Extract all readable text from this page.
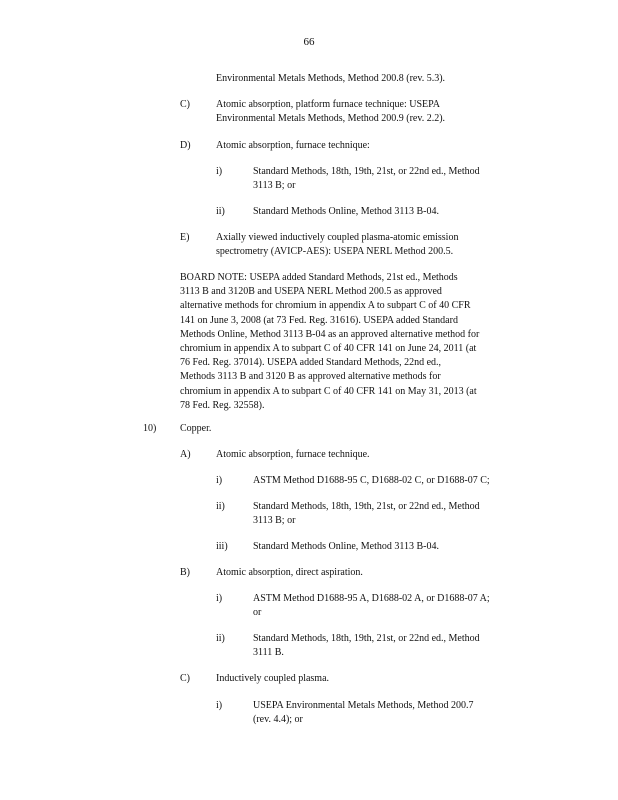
66
Environmental Metals Methods, Method 200.8 (rev. 5.3).
C)	Atomic absorption, platform furnace technique: USEPA
Environmental Metals Methods, Method 200.9 (rev. 2.2).
D)	Atomic absorption, furnace technique:
i)	Standard Methods, 18th, 19th, 21st, or 22nd ed., Method
3113 B; or
ii)	Standard Methods Online, Method 3113 B-04.
E)	Axially viewed inductively coupled plasma-atomic emission
spectrometry (AVICP-AES): USEPA NERL Method 200.5.
BOARD NOTE: USEPA added Standard Methods, 21st ed., Methods
3113 B and 3120B and USEPA NERL Method 200.5 as approved
alternative methods for chromium in appendix A to subpart C of 40 CFR
141 on June 3, 2008 (at 73 Fed. Reg. 31616). USEPA added Standard
Methods Online, Method 3113 B-04 as an approved alternative method for
chromium in appendix A to subpart C of 40 CFR 141 on June 24, 2011 (at
76 Fed. Reg. 37014). USEPA added Standard Methods, 22nd ed.,
Methods 3113 B and 3120 B as approved alternative methods for
chromium in appendix A to subpart C of 40 CFR 141 on May 31, 2013 (at
78 Fed. Reg. 32558).
10) Copper.
A)	Atomic absorption, furnace technique.
i)	ASTM Method D1688-95 C, D1688-02 C, or D1688-07 C;
ii)	Standard Methods, 18th, 19th, 21st, or 22nd ed., Method
3113 B; or
iii)	Standard Methods Online, Method 3113 B-04.
B)	Atomic absorption, direct aspiration.
i)	ASTM Method D1688-95 A, D1688-02 A, or D1688-07 A;
or
ii)	Standard Methods, 18th, 19th, 21st, or 22nd ed., Method
3111 B.
C)	Inductively coupled plasma.
i)	USEPA Environmental Metals Methods, Method 200.7
(rev. 4.4); or
